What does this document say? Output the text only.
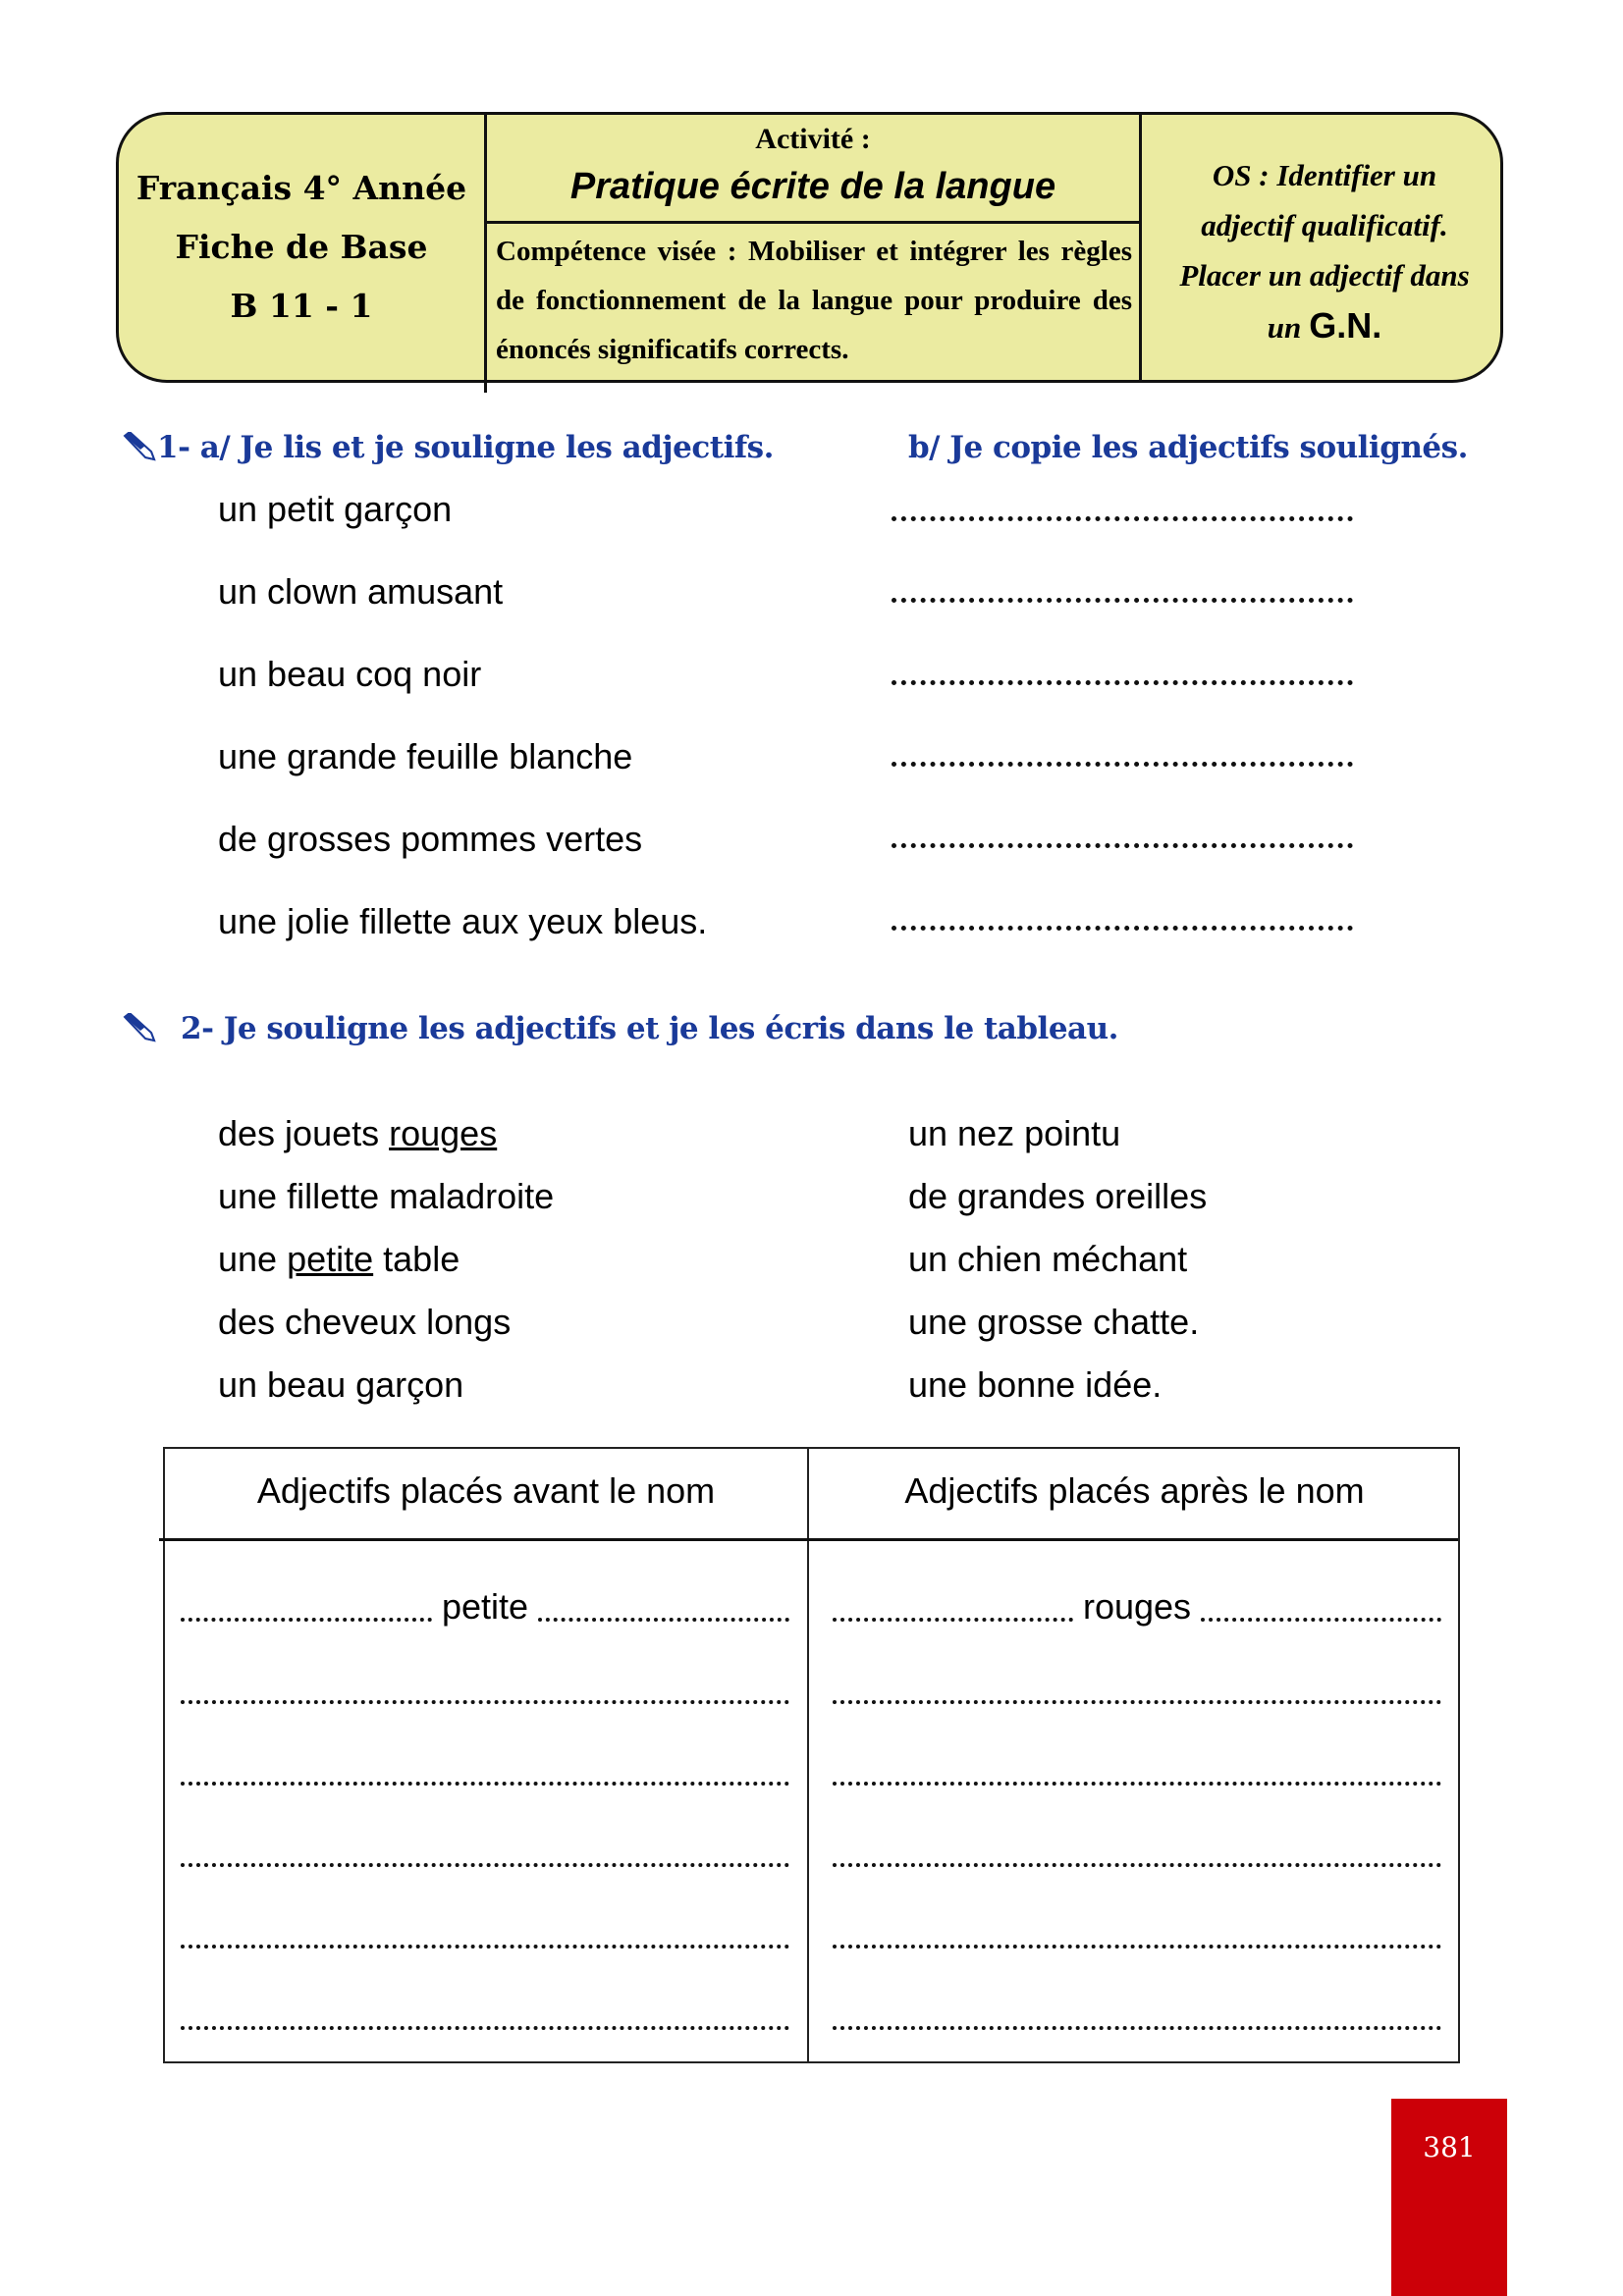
Français 4° Année
Fiche de Base
B 11 - 1
Activité :
Pratique écrite de la langue
Compétence visée : Mobiliser et intégrer les règles de fonctionnement de la langue pour produire des énoncés significatifs corrects.
OS : Identifier un
adjectif qualificatif.
Placer un adjectif dans
un G.N.
1- a/ Je lis et je souligne les adjectifs.	b/ Je copie les adjectifs soulignés.
un petit garçon
un clown amusant
un beau coq noir
une grande feuille blanche
de grosses pommes vertes
une jolie fillette aux yeux bleus.
2- Je souligne les adjectifs et je les écris dans le tableau.
des jouets rouges
une fillette maladroite
une petite table
des cheveux longs
un beau garçon
un nez pointu
de grandes oreilles
un chien méchant
une grosse chatte.
une bonne idée.
Adjectifs placés avant le nom	Adjectifs placés après le nom
petite	rouges
381
